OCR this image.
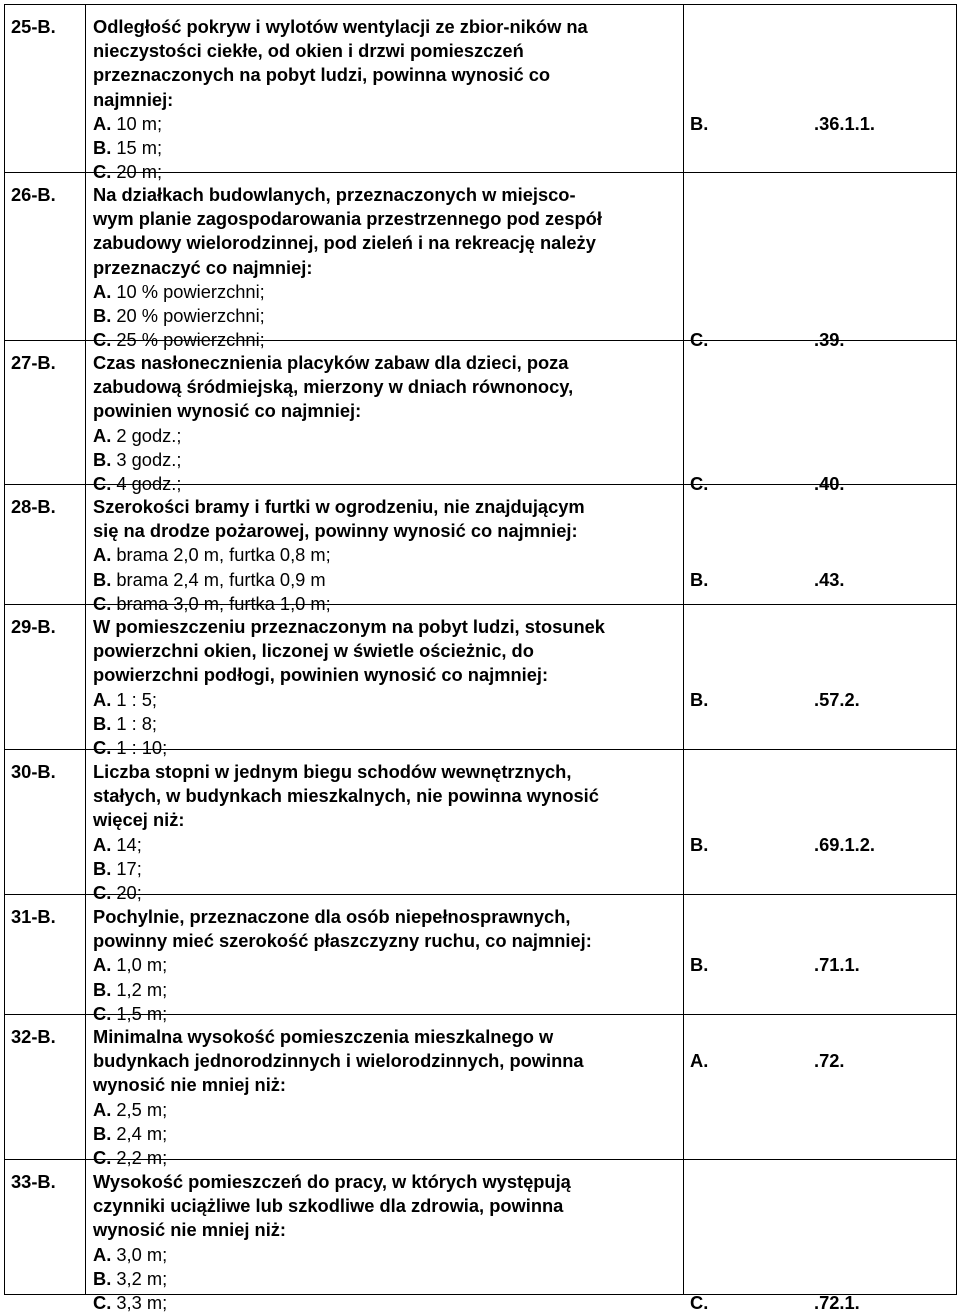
25-B. Odległość pokryw i wylotów wentylacji ze zbior-ników na
nieczystości ciekłe, od okien i drzwi pomieszczeń
przeznaczonych na pobyt ludzi, powinna wynosić co
najmniej:
A. 10 m;
B. 15 m;
C. 20 m;
B.	.36.1.1.
26-B. Na działkach budowlanych, przeznaczonych w miejsco-
wym planie zagospodarowania przestrzennego pod zespół
zabudowy wielorodzinnej, pod zieleń i na rekreację należy
przeznaczyć co najmniej:
A. 10 % powierzchni;
B. 20 % powierzchni;
C. 25 % powierzchni;	C.	.39.
27-B. Czas nasłonecznienia placyków zabaw dla dzieci, poza
zabudową śródmiejską, mierzony w dniach równonocy,
powinien wynosić co najmniej:
A. 2 godz.;
B. 3 godz.;
C. 4 godz.;	C.	.40.
28-B. Szerokości bramy i furtki w ogrodzeniu, nie znajdującym
się na drodze pożarowej, powinny wynosić co najmniej:
A. brama 2,0 m, furtka 0,8 m;
B. brama 2,4 m, furtka 0,9 m
C. brama 3,0 m, furtka 1,0 m;
B.	.43.
29-B. W pomieszczeniu przeznaczonym na pobyt ludzi, stosunek
powierzchni okien, liczonej w świetle ościeżnic, do
powierzchni podłogi, powinien wynosić co najmniej:
A. 1 : 5;
B. 1 : 8;
C. 1 : 10;
B.	.57.2.
30-B. Liczba stopni w jednym biegu schodów wewnętrznych,
stałych, w budynkach mieszkalnych, nie powinna wynosić
więcej niż:
A. 14;
B. 17;
C. 20;
B.	.69.1.2.
31-B. Pochylnie, przeznaczone dla osób niepełnosprawnych,
powinny mieć szerokość płaszczyzny ruchu, co najmniej:
A. 1,0 m;
B. 1,2 m;
C. 1,5 m;
B.	.71.1.
32-B. Minimalna wysokość pomieszczenia mieszkalnego w
budynkach jednorodzinnych i wielorodzinnych, powinna
wynosić nie mniej niż:
A. 2,5 m;
B. 2,4 m;
C. 2,2 m;
A.	.72.
33-B. Wysokość pomieszczeń do pracy, w których występują
czynniki uciążliwe lub szkodliwe dla zdrowia, powinna
wynosić nie mniej niż:
A. 3,0 m;
B. 3,2 m;
C. 3,3 m;	C.	.72.1.
